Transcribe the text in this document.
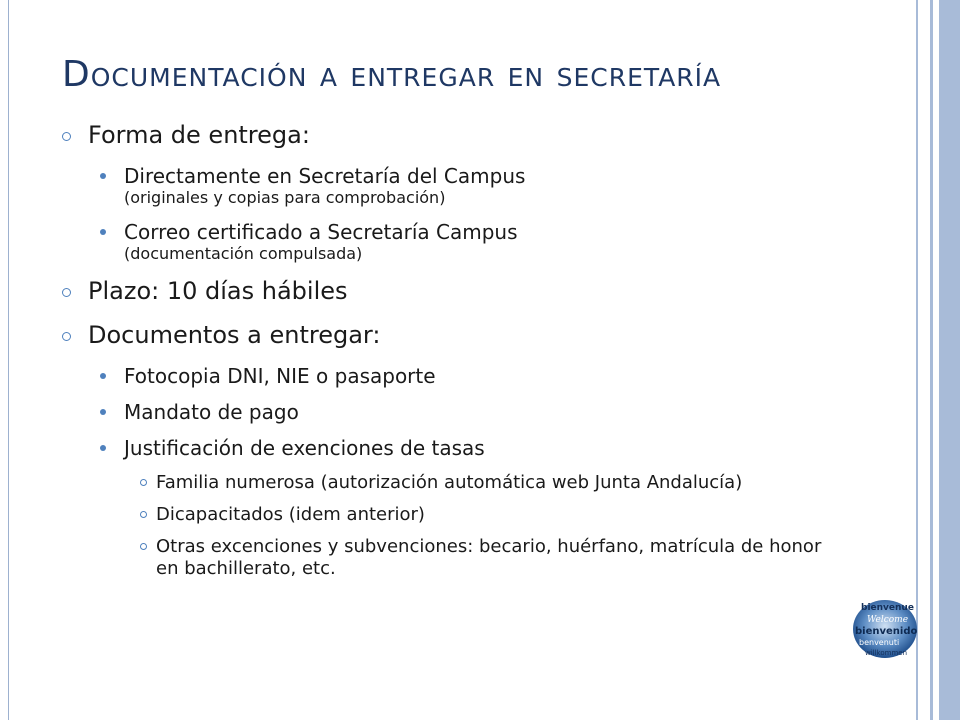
Documentación a entregar en secretaría
Forma de entrega:
Directamente en Secretaría del Campus
(originales y copias para comprobación)
Correo certificado a Secretaría Campus
(documentación compulsada)
Plazo: 10 días hábiles
Documentos a entregar:
Fotocopia DNI, NIE o pasaporte
Mandato de pago
Justificación de exenciones de tasas
Familia numerosa (autorización automática web Junta Andalucía)
Dicapacitados (idem anterior)
Otras excenciones y subvenciones: becario, huérfano, matrícula de honor en bachillerato, etc.
bienvenue
Welcome
bienvenido
benvenuti
willkommen
